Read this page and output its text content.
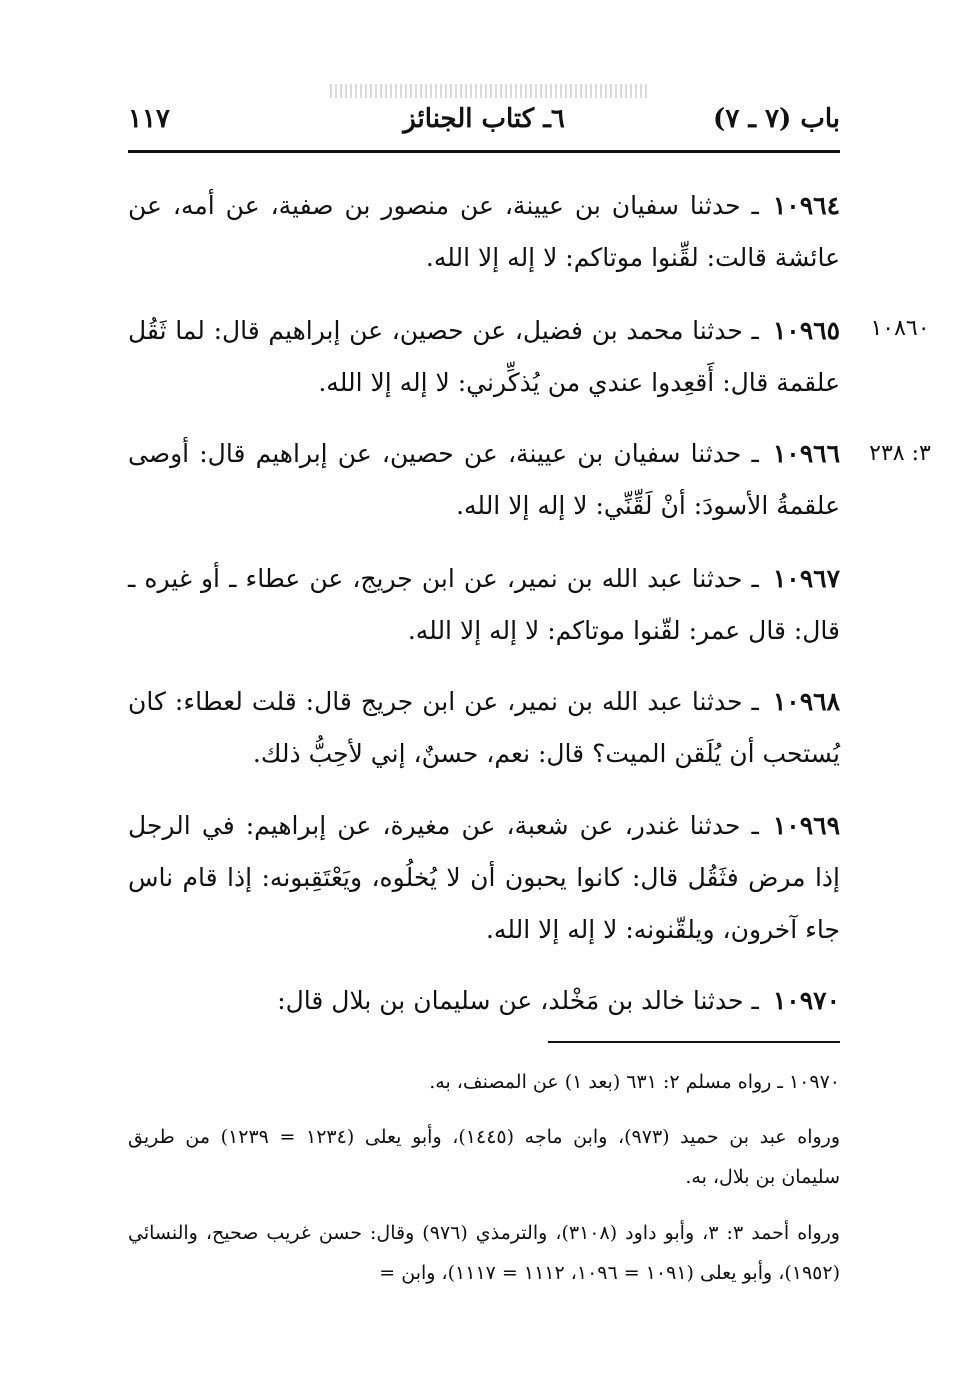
باب (٧ ـ ٧)
٦ـ كتاب الجنائز
١١٧
١٠٩٦٤ـ حدثنا سفيان بن عيينة، عن منصور بن صفية، عن أمه، عن عائشة قالت: لقِّنوا موتاكم: لا إله إلا الله.
١٠٩٦٥ـ حدثنا محمد بن فضيل، عن حصين، عن إبراهيم قال: لما ثَقُل علقمة قال: أَقعِدوا عندي من يُذكِّرني: لا إله إلا الله.
١٠٨٦٠
١٠٩٦٦ـ حدثنا سفيان بن عيينة، عن حصين، عن إبراهيم قال: أوصى علقمةُ الأسودَ: أنْ لَقِّنِّي: لا إله إلا الله.
٣: ٢٣٨
١٠٩٦٧ـ حدثنا عبد الله بن نمير، عن ابن جريج، عن عطاء ـ أو غيره ـ قال: قال عمر: لقّنوا موتاكم: لا إله إلا الله.
١٠٩٦٨ـ حدثنا عبد الله بن نمير، عن ابن جريج قال: قلت لعطاء: كان يُستحب أن يُلَقن الميت؟ قال: نعم، حسنٌ، إني لأحِبُّ ذلك.
١٠٩٦٩ـ حدثنا غندر، عن شعبة، عن مغيرة، عن إبراهيم: في الرجل إذا مرض فثَقُل قال: كانوا يحبون أن لا يُخلُوه، ويَعْتَقِبونه: إذا قام ناس جاء آخرون، ويلقّنونه: لا إله إلا الله.
١٠٩٧٠ـ حدثنا خالد بن مَخْلد، عن سليمان بن بلال قال:
١٠٩٧٠ ـ رواه مسلم ٢: ٦٣١ (بعد ١) عن المصنف، به.
ورواه عبد بن حميد (٩٧٣)، وابن ماجه (١٤٤٥)، وأبو يعلى (١٢٣٤ = ١٢٣٩) من طريق سليمان بن بلال، به.
ورواه أحمد ٣: ٣، وأبو داود (٣١٠٨)، والترمذي (٩٧٦) وقال: حسن غريب صحيح، والنسائي (١٩٥٢)، وأبو يعلى (١٠٩١ = ١٠٩٦، ١١١٢ = ١١١٧)، وابن =
